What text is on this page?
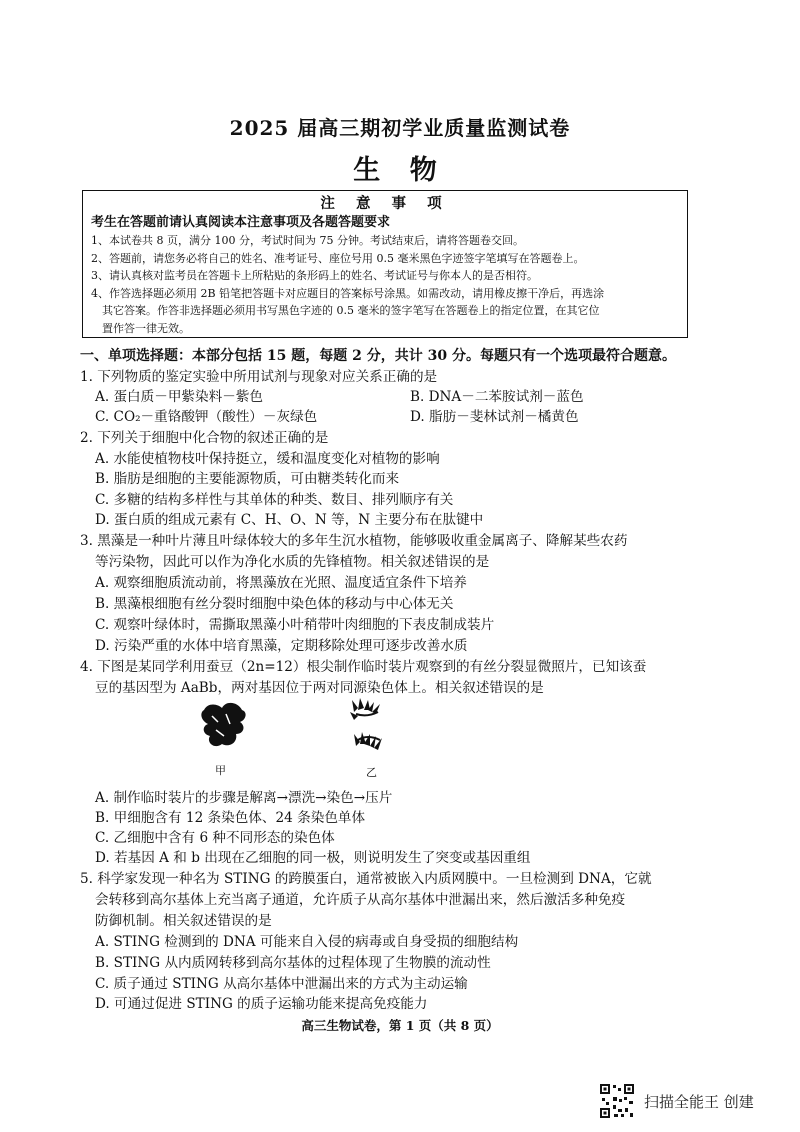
2025 届高三期初学业质量监测试卷
生 物
注 意 事 项
考生在答题前请认真阅读本注意事项及各题答题要求
1、本试卷共 8 页，满分 100 分，考试时间为 75 分钟。考试结束后，请将答题卷交回。
2、答题前，请您务必将自己的姓名、准考证号、座位号用 0.5 毫米黑色字迹签字笔填写在答题卷上。
3、请认真核对监考员在答题卡上所粘贴的条形码上的姓名、考试证号与你本人的是否相符。
4、作答选择题必须用 2B 铅笔把答题卡对应题目的答案标号涂黑。如需改动，请用橡皮擦干净后，再选涂
其它答案。作答非选择题必须用书写黑色字迹的 0.5 毫米的签字笔写在答题卷上的指定位置，在其它位
置作答一律无效。
一、单项选择题：本部分包括 15 题，每题 2 分，共计 30 分。每题只有一个选项最符合题意。
1. 下列物质的鉴定实验中所用试剂与现象对应关系正确的是
A. 蛋白质－甲紫染料－紫色	B. DNA－二苯胺试剂－蓝色
C. CO₂－重铬酸钾（酸性）－灰绿色	D. 脂肪－斐林试剂－橘黄色
2. 下列关于细胞中化合物的叙述正确的是
A. 水能使植物枝叶保持挺立，缓和温度变化对植物的影响
B. 脂肪是细胞的主要能源物质，可由糖类转化而来
C. 多糖的结构多样性与其单体的种类、数目、排列顺序有关
D. 蛋白质的组成元素有 C、H、O、N 等，N 主要分布在肽键中
3. 黑藻是一种叶片薄且叶绿体较大的多年生沉水植物，能够吸收重金属离子、降解某些农药
等污染物，因此可以作为净化水质的先锋植物。相关叙述错误的是
A. 观察细胞质流动前，将黑藻放在光照、温度适宜条件下培养
B. 黑藻根细胞有丝分裂时细胞中染色体的移动与中心体无关
C. 观察叶绿体时，需撕取黑藻小叶稍带叶肉细胞的下表皮制成装片
D. 污染严重的水体中培育黑藻，定期移除处理可逐步改善水质
4. 下图是某同学利用蚕豆（2n=12）根尖制作临时装片观察到的有丝分裂显微照片，已知该蚕
豆的基因型为 AaBb，两对基因位于两对同源染色体上。相关叙述错误的是
甲	乙
A. 制作临时装片的步骤是解离→漂洗→染色→压片
B. 甲细胞含有 12 条染色体、24 条染色单体
C. 乙细胞中含有 6 种不同形态的染色体
D. 若基因 A 和 b 出现在乙细胞的同一极，则说明发生了突变或基因重组
5. 科学家发现一种名为 STING 的跨膜蛋白，通常被嵌入内质网膜中。一旦检测到 DNA，它就
会转移到高尔基体上充当离子通道，允许质子从高尔基体中泄漏出来，然后激活多种免疫
防御机制。相关叙述错误的是
A. STING 检测到的 DNA 可能来自入侵的病毒或自身受损的细胞结构
B. STING 从内质网转移到高尔基体的过程体现了生物膜的流动性
C. 质子通过 STING 从高尔基体中泄漏出来的方式为主动运输
D. 可通过促进 STING 的质子运输功能来提高免疫能力
高三生物试卷，第 1 页（共 8 页）
扫描全能王 创建
